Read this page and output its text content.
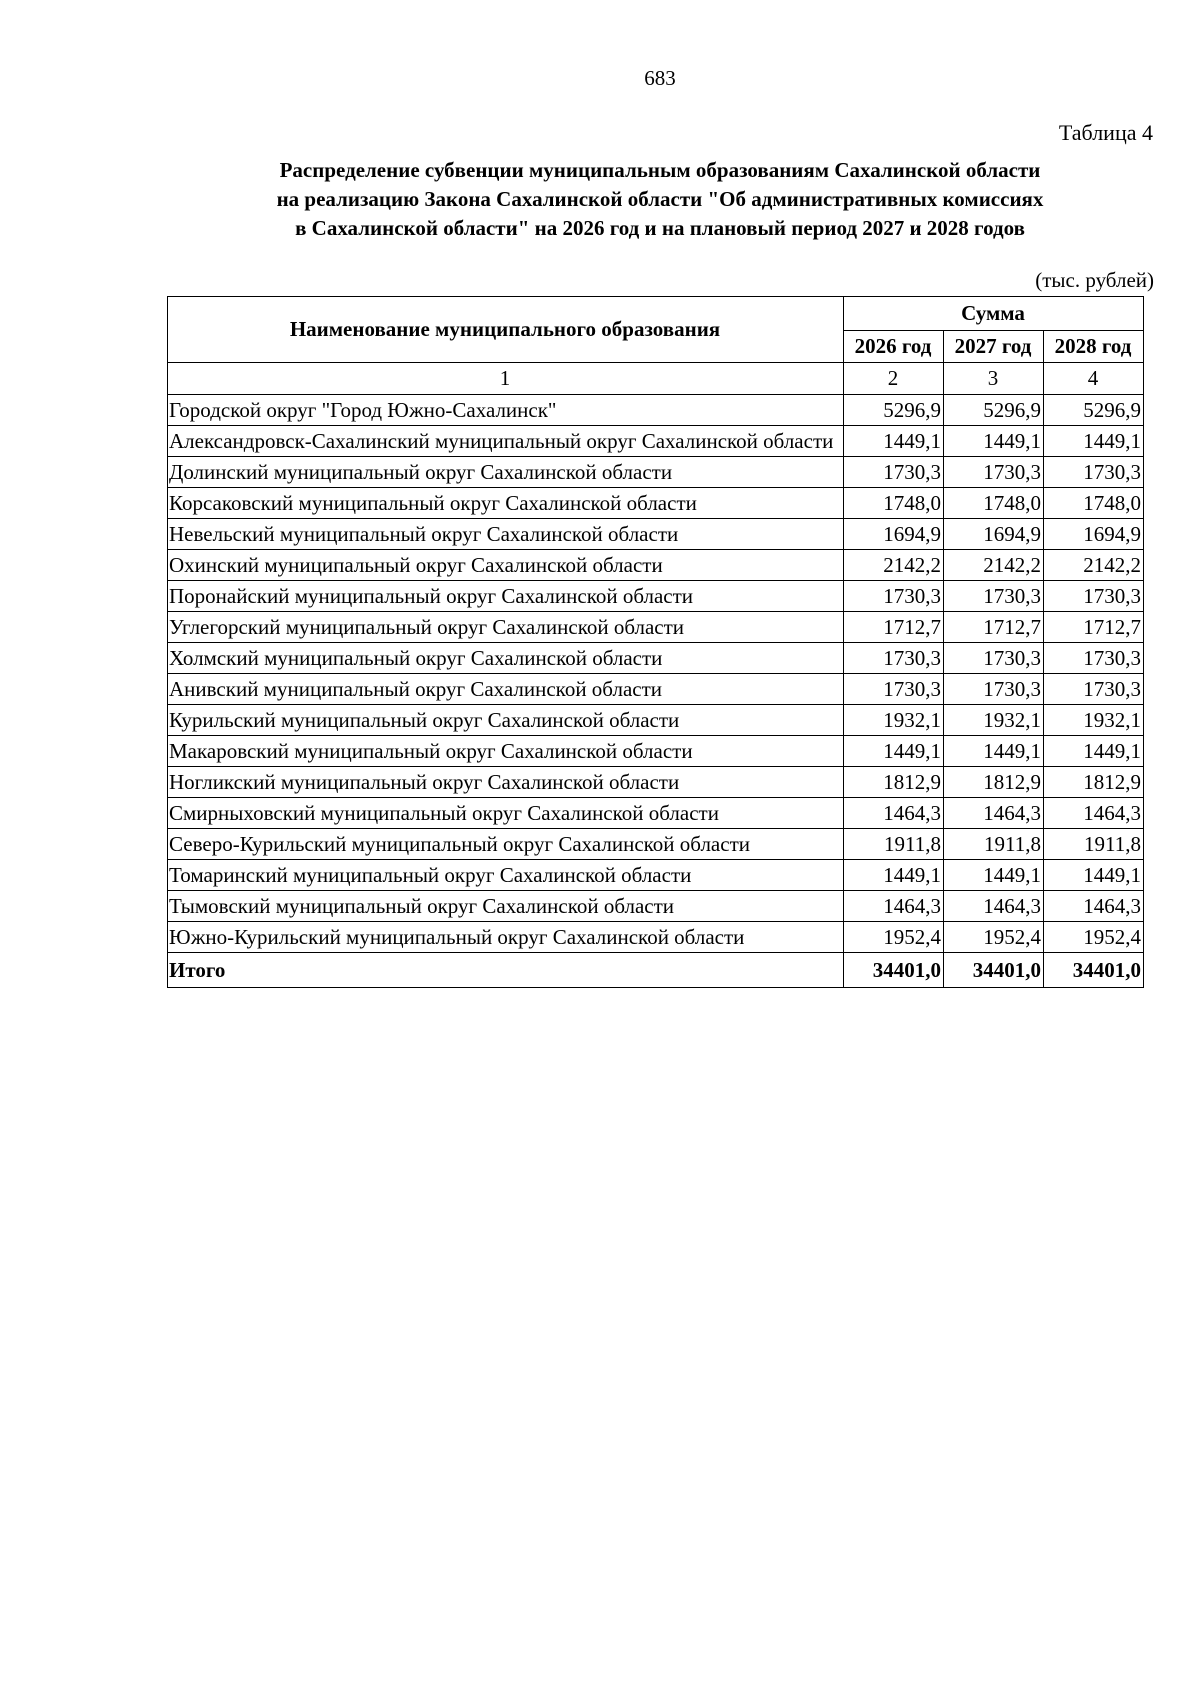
683
Таблица 4
Распределение субвенции муниципальным образованиям Сахалинской области
на реализацию Закона Сахалинской области "Об административных комиссиях
в Сахалинской области" на 2026 год и на плановый период 2027 и 2028 годов
(тыс. рублей)
Наименование муниципального образования	Сумма		
	2026 год	2027 год	2028 год
1	2	3	4
Городской округ "Город Южно-Сахалинск"	5296,9	5296,9	5296,9
Александровск-Сахалинский муниципальный округ Сахалинской области	1449,1	1449,1	1449,1
Долинский муниципальный округ Сахалинской области	1730,3	1730,3	1730,3
Корсаковский муниципальный округ Сахалинской области	1748,0	1748,0	1748,0
Невельский муниципальный округ Сахалинской области	1694,9	1694,9	1694,9
Охинский муниципальный округ Сахалинской области	2142,2	2142,2	2142,2
Поронайский муниципальный округ Сахалинской области	1730,3	1730,3	1730,3
Углегорский муниципальный округ Сахалинской области	1712,7	1712,7	1712,7
Холмский муниципальный округ Сахалинской области	1730,3	1730,3	1730,3
Анивский муниципальный округ Сахалинской области	1730,3	1730,3	1730,3
Курильский муниципальный округ Сахалинской области	1932,1	1932,1	1932,1
Макаровский муниципальный округ Сахалинской области	1449,1	1449,1	1449,1
Ногликский муниципальный округ Сахалинской области	1812,9	1812,9	1812,9
Смирныховский муниципальный округ Сахалинской области	1464,3	1464,3	1464,3
Северо-Курильский муниципальный округ Сахалинской области	1911,8	1911,8	1911,8
Томаринский муниципальный округ Сахалинской области	1449,1	1449,1	1449,1
Тымовский муниципальный округ Сахалинской области	1464,3	1464,3	1464,3
Южно-Курильский муниципальный округ Сахалинской области	1952,4	1952,4	1952,4
Итого	34401,0	34401,0	34401,0
